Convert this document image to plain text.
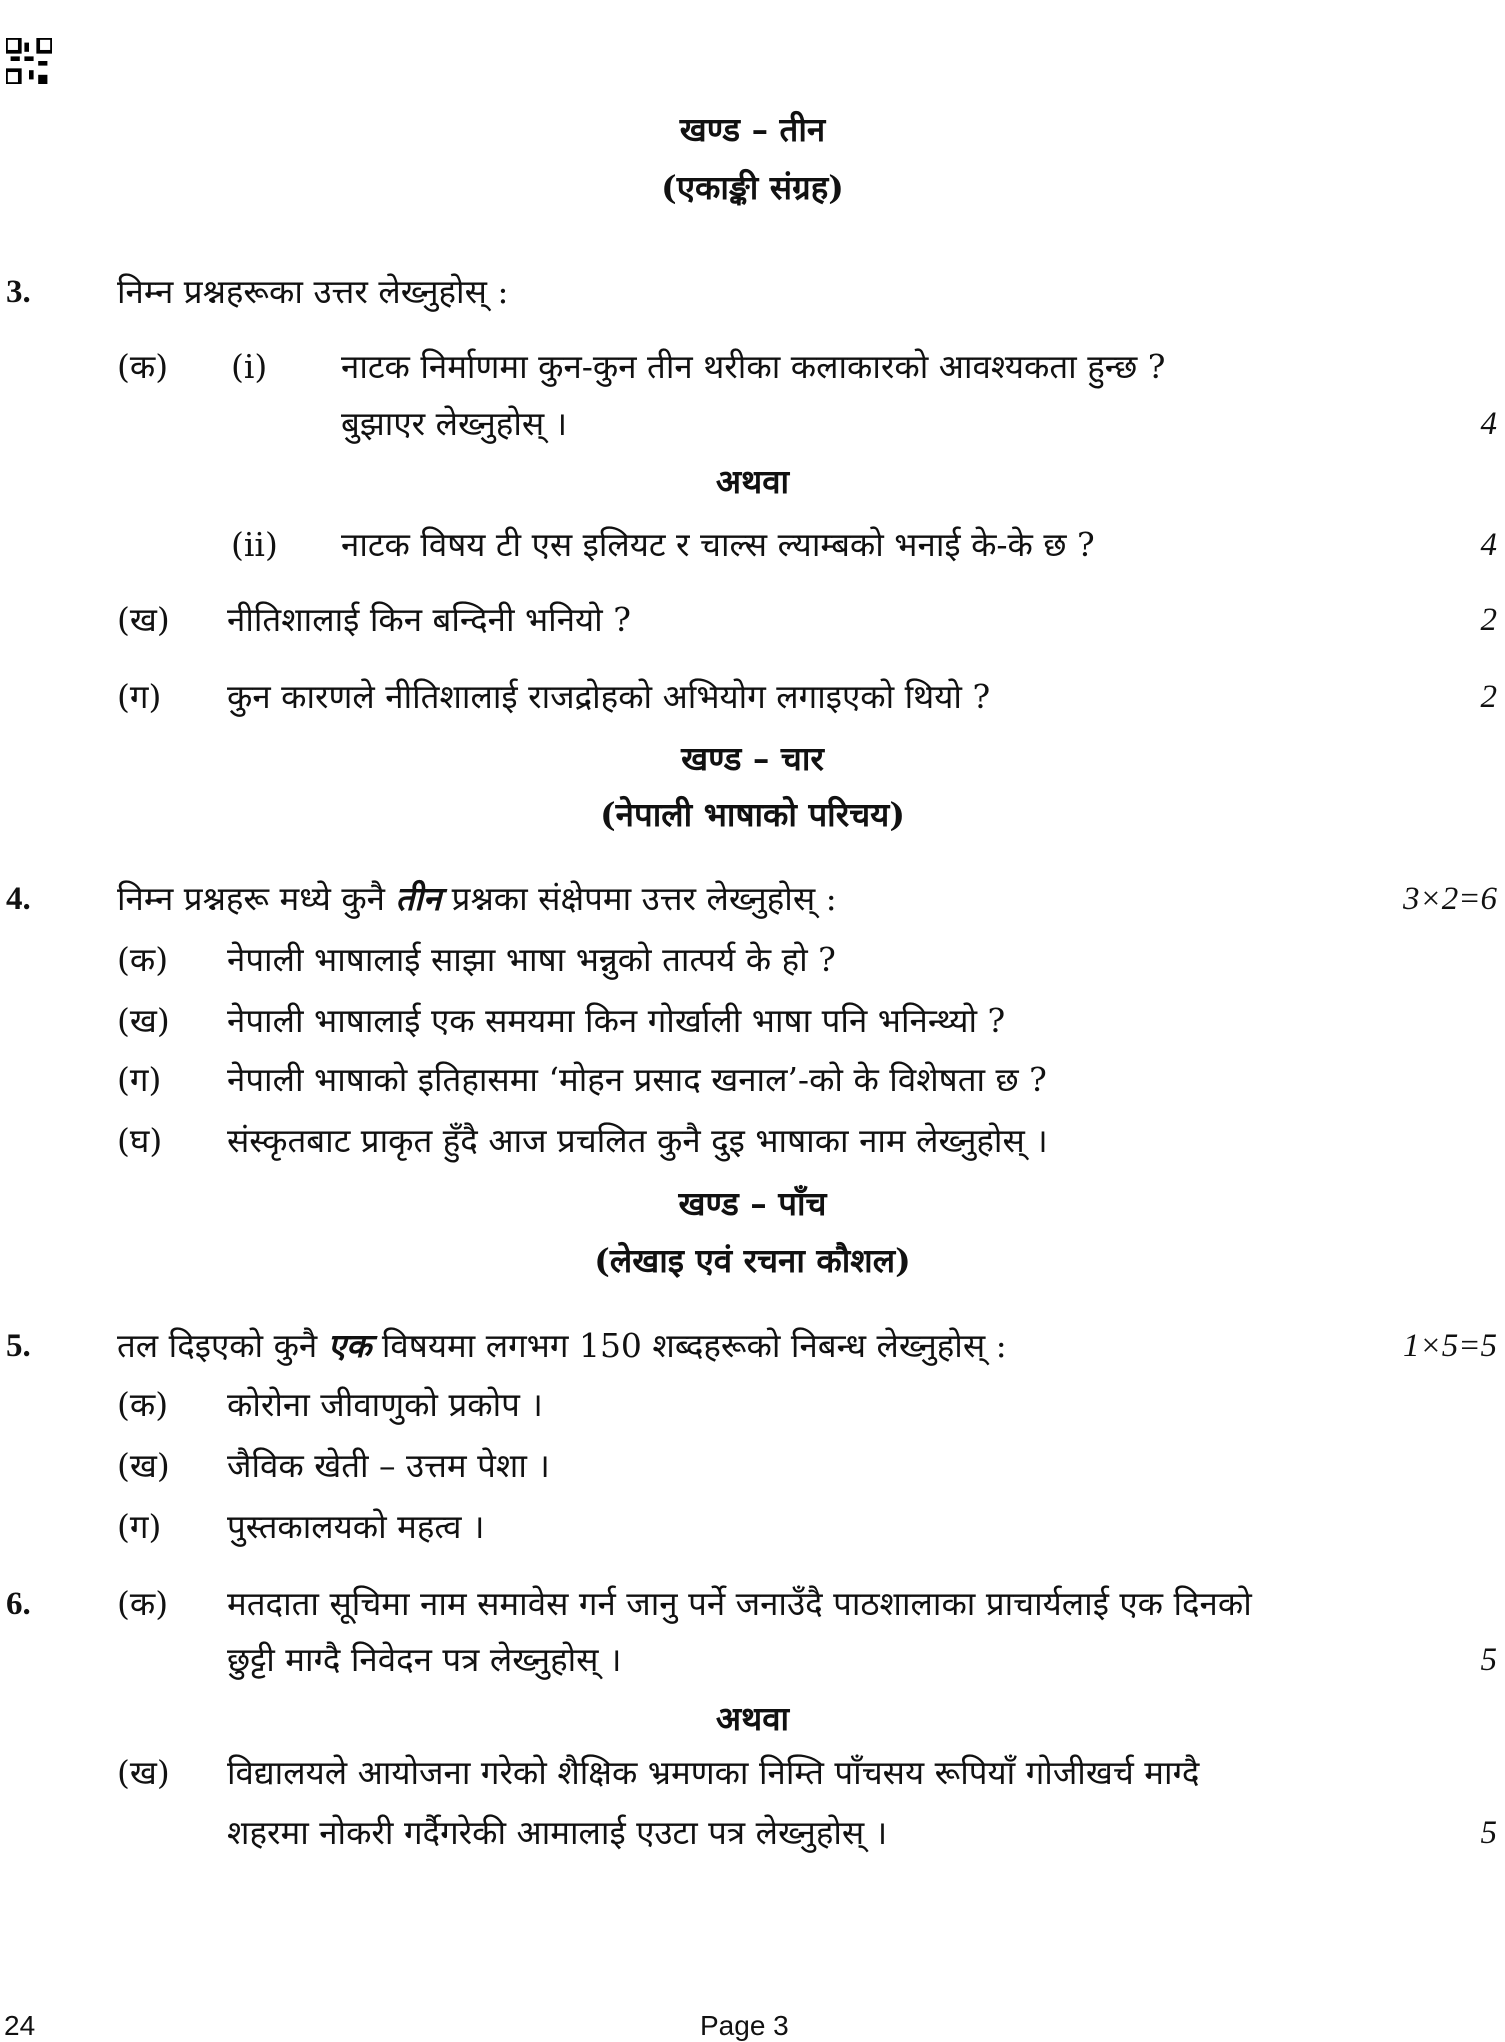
खण्ड – तीन
(एकाङ्की संग्रह)
3.	निम्न प्रश्नहरूका उत्तर लेख्नुहोस् :
(क) (i) नाटक निर्माणमा कुन-कुन तीन थरीका कलाकारको आवश्यकता हुन्छ ?
बुझाएर लेख्नुहोस् ।	4
अथवा
(ii) नाटक विषय टी एस इलियट र चाल्स ल्याम्बको भनाई के-के छ ?	4
(ख) नीतिशालाई किन बन्दिनी भनियो ?	2
(ग) कुन कारणले नीतिशालाई राजद्रोहको अभियोग लगाइएको थियो ?	2
खण्ड – चार
(नेपाली भाषाको परिचय)
4.	निम्न प्रश्नहरू मध्ये कुनै तीन प्रश्नका संक्षेपमा उत्तर लेख्नुहोस् :	3×2=6
(क) नेपाली भाषालाई साझा भाषा भन्नुको तात्पर्य के हो ?
(ख) नेपाली भाषालाई एक समयमा किन गोर्खाली भाषा पनि भनिन्थ्यो ?
(ग) नेपाली भाषाको इतिहासमा ‘मोहन प्रसाद खनाल’-को के विशेषता छ ?
(घ) संस्कृतबाट प्राकृत हुँदै आज प्रचलित कुनै दुइ भाषाका नाम लेख्नुहोस् ।
खण्ड – पाँच
(लेखाइ एवं रचना कौशल)
5.	तल दिइएको कुनै एक विषयमा लगभग 150 शब्दहरूको निबन्ध लेख्नुहोस् :	1×5=5
(क) कोरोना जीवाणुको प्रकोप ।
(ख) जैविक खेती – उत्तम पेशा ।
(ग) पुस्तकालयको महत्व ।
6.	(क) मतदाता सूचिमा नाम समावेस गर्न जानु पर्ने जनाउँदै पाठशालाका प्राचार्यलाई एक दिनको
छुट्टी माग्दै निवेदन पत्र लेख्नुहोस् ।	5
अथवा
(ख) विद्यालयले आयोजना गरेको शैक्षिक भ्रमणका निम्ति पाँचसय रूपियाँ गोजीखर्च माग्दै
शहरमा नोकरी गर्दैगरेकी आमालाई एउटा पत्र लेख्नुहोस् ।	5
24	Page 3
